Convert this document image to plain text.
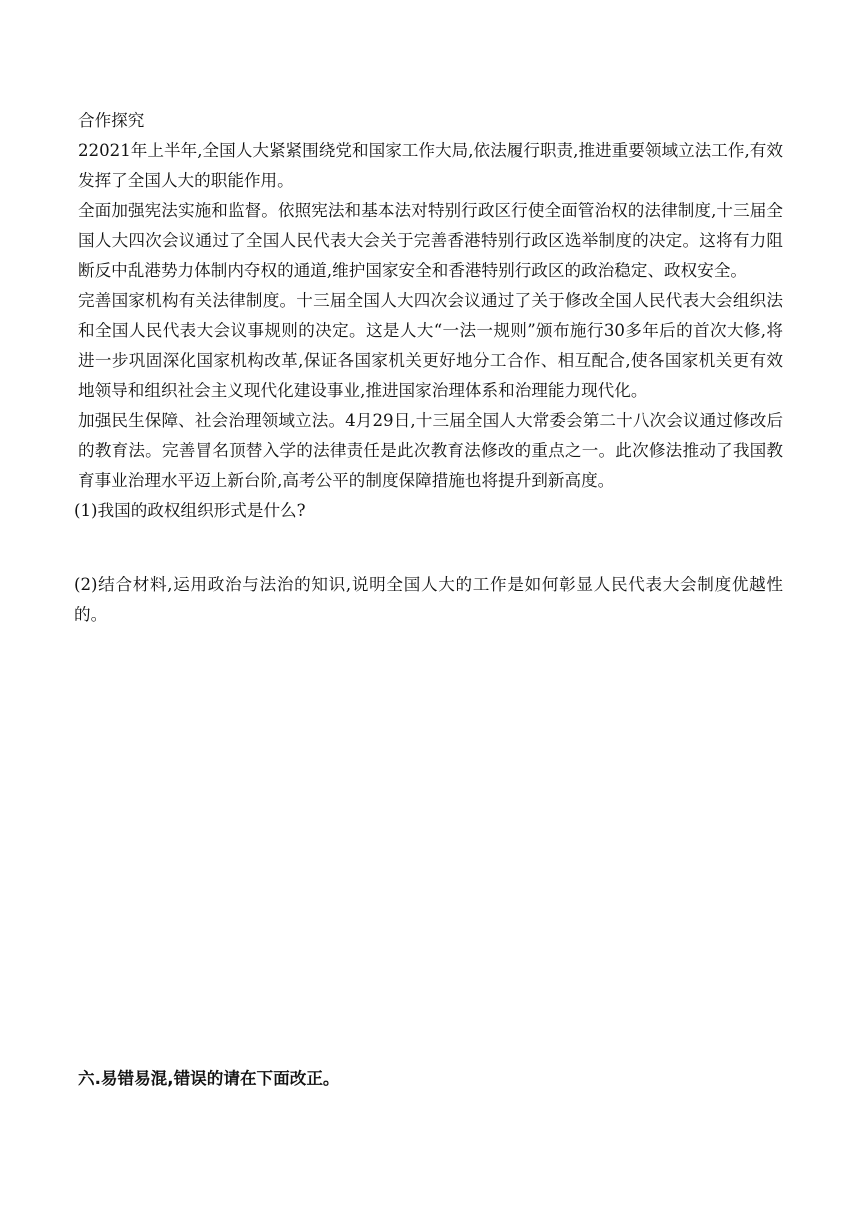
合作探究

22021年上半年,全国人大紧紧围绕党和国家工作大局,依法履行职责,推进重要领域立法工作,有效发挥了全国人大的职能作用。

全面加强宪法实施和监督。依照宪法和基本法对特别行政区行使全面管治权的法律制度,十三届全国人大四次会议通过了全国人民代表大会关于完善香港特别行政区选举制度的决定。这将有力阻断反中乱港势力体制内夺权的通道,维护国家安全和香港特别行政区的政治稳定、政权安全。

完善国家机构有关法律制度。十三届全国人大四次会议通过了关于修改全国人民代表大会组织法和全国人民代表大会议事规则的决定。这是人大“一法一规则”颁布施行30多年后的首次大修,将进一步巩固深化国家机构改革,保证各国家机关更好地分工合作、相互配合,使各国家机关更有效地领导和组织社会主义现代化建设事业,推进国家治理体系和治理能力现代化。

加强民生保障、社会治理领域立法。4月29日,十三届全国人大常委会第二十八次会议通过修改后的教育法。完善冒名顶替入学的法律责任是此次教育法修改的重点之一。此次修法推动了我国教育事业治理水平迈上新台阶,高考公平的制度保障措施也将提升到新高度。

(1)我国的政权组织形式是什么?

(2)结合材料,运用政治与法治的知识,说明全国人大的工作是如何彰显人民代表大会制度优越性的。

六.易错易混,错误的请在下面改正。
